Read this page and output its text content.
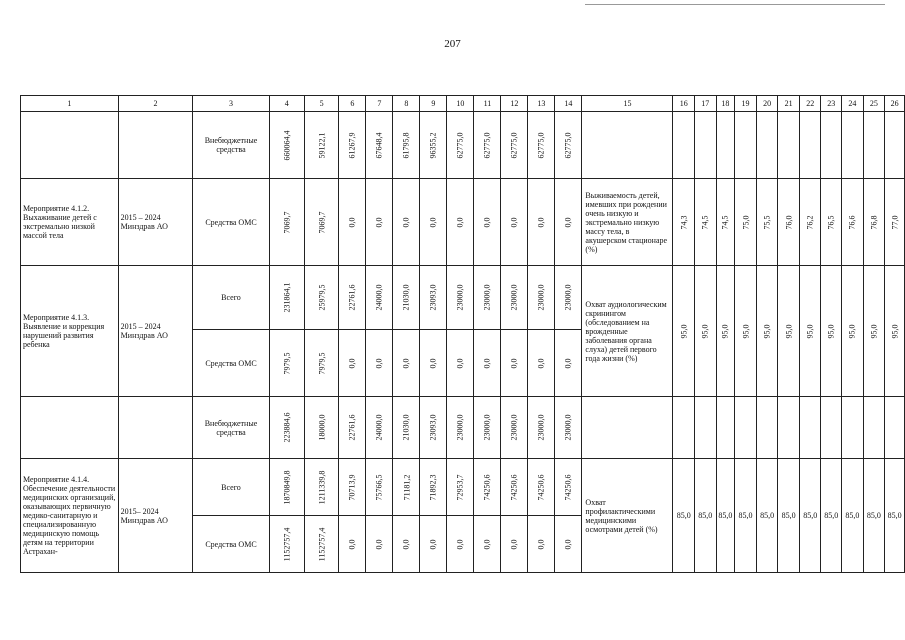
207
1	2	3	4	5	6	7	8	9	10	11	12	13	14	15	16	17	18	19	20	21	22	23	24	25	26
		Внебюджетные средства	660064,4	59122,1	61267,9	67648,4	61795,8	96355,2	62775,0	62775,0	62775,0	62775,0	62775,0												

Мероприятие 4.1.2. Выхаживание детей с экстремально низкой массой тела	2015 – 2024 Минздрав АО	Средства ОМС	7069,7	7069,7	0,0	0,0	0,0	0,0	0,0	0,0	0,0	0,0	0,0	Выживаемость детей, имевших при рождении очень низкую и экстремально низкую массу тела, в акушерском стационаре (%)	74,3	74,5	74,5	75,0	75,5	76,0	76,2	76,5	76,6	76,8	77,0

Мероприятие 4.1.3. Выявление и коррекция нарушений развития ребенка	2015 – 2024 Минздрав АО	Всего	231864,1	25979,5	22761,6	24000,0	21030,0	23093,0	23000,0	23000,0	23000,0	23000,0	23000,0	Охват аудиологическим скринингом (обследованием на врожденные заболевания органа слуха) детей первого года жизни (%)	95,0	95,0	95,0	95,0	95,0	95,0	95,0	95,0	95,0	95,0	95,0

		Средства ОМС	7979,5	7979,5	0,0	0,0	0,0	0,0	0,0	0,0	0,0	0,0	0,0												

		Внебюджетные средства	223884,6	18000,0	22761,6	24000,0	21030,0	23093,0	23000,0	23000,0	23000,0	23000,0	23000,0												

Мероприятие 4.1.4. Обеспечение деятельности медицинских организаций, оказывающих первичную медико-санитарную и специализированную медицинскую помощь детям на территории Астрахан-	2015– 2024 Минздрав АО	Всего	1870849,8	1211339,8	70713,9	75766,5	71181,2	71892,3	72953,7	74250,6	74250,6	74250,6	74250,6	Охват профилактическими медицинскими осмотрами детей (%)	85,0	85,0	85,0	85,0	85,0	85,0	85,0	85,0	85,0	85,0	85,0
		Средства ОМС	1152757,4	1152757,4	0,0	0,0	0,0	0,0	0,0	0,0	0,0	0,0	0,0												
